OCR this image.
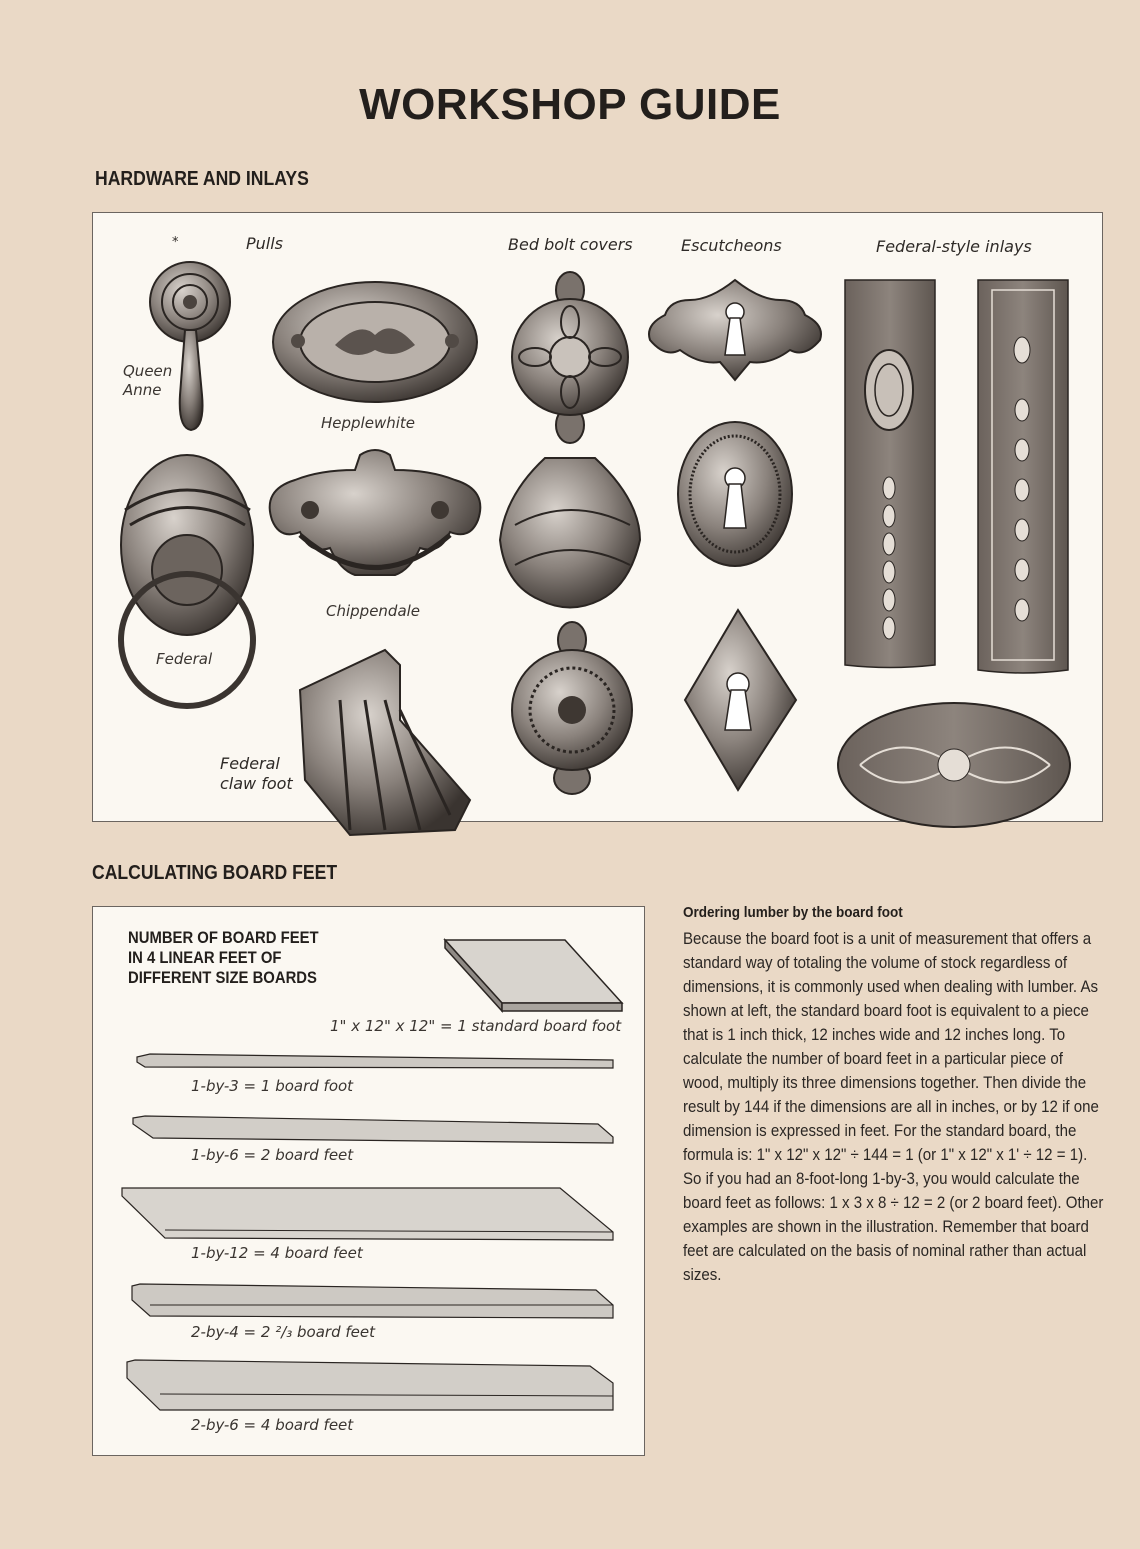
WORKSHOP GUIDE
HARDWARE AND INLAYS
*	Pulls	Bed bolt covers	Escutcheons	Federal-style inlays
Queen
Anne
Hepplewhite
Chippendale
Federal
Federal
claw foot
CALCULATING BOARD FEET
NUMBER OF BOARD FEET
IN 4 LINEAR FEET OF
DIFFERENT SIZE BOARDS
1" x 12" x 12" = 1 standard board foot
1-by-3 = 1 board foot
1-by-6 = 2 board feet
1-by-12 = 4 board feet
2-by-4 = 2 ²/₃ board feet
2-by-6 = 4 board feet
Ordering lumber by the board foot
Because the board foot is a unit of measurement that offers a standard way of totaling the volume of stock regardless of dimensions, it is commonly used when dealing with lumber. As shown at left, the standard board foot is equivalent to a piece that is 1 inch thick, 12 inches wide and 12 inches long. To calculate the number of board feet in a particular piece of wood, multiply its three dimensions together. Then divide the result by 144 if the dimensions are all in inches, or by 12 if one dimension is expressed in feet. For the standard board, the formula is: 1" x 12" x 12" ÷ 144 = 1 (or 1" x 12" x 1' ÷ 12 = 1). So if you had an 8-foot-long 1-by-3, you would calculate the board feet as follows: 1 x 3 x 8 ÷ 12 = 2 (or 2 board feet). Other examples are shown in the illustration. Remember that board feet are calculated on the basis of nominal rather than actual sizes.
